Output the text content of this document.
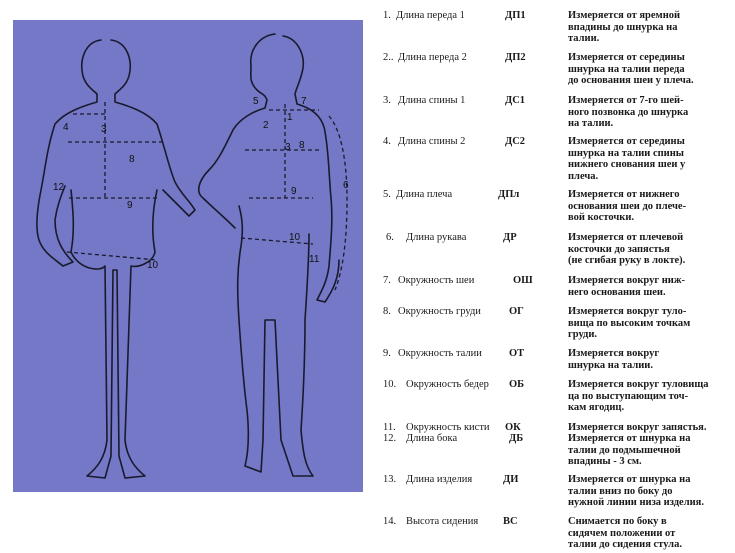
4	3
8
12
9
10
5	7
2
1
3 8
9
6
10
11
1. Длина переда 1	ДП1	Измеряется от яремной
впадины до шнурка на
талии.
2.. Длина переда 2	ДП2	Измеряется от середины
шнурка на талии переда
до основания шеи у плеча.
3. Длина спины 1	ДС1	Измеряется от 7-го шей-
ного позвонка до шнурка
на талии.
4. Длина спины 2	ДС2	Измеряется от середины
шнурка на талии спины
нижнего снования шеи у
плеча.
5. Длина плеча	ДПл	Измеряется от нижнего
основания шеи до плече-
вой косточки.
6. Длина рукава	ДР	Измеряется от плечевой
косточки до запястья
(не сгибая руку в локте).
7. Окружность шеи	ОШ	Измеряется вокруг ниж-
него основания шеи.
8. Окружность груди	ОГ	Измеряется вокруг туло-
вища по высоким точкам
груди.
9. Окружность талии	ОТ	Измеряется вокруг
шнурка на талии.
10. Окружность бедер ОБ	Измеряется вокруг туловища
ца по выступающим точ-
кам ягодиц.
11. Окружность кисти ОК	Измеряется вокруг запястья.
12. Длина бока	ДБ	Измеряется от шнурка на
талии до подмышечной
впадины - 3 см.
13. Длина изделия	ДИ	Измеряется от шнурка на
талии вниз по боку до
нужной линии низа изделия.
14. Высота сидения ВС	Снимается по боку в
сидячем положении от
талии до сидения стула.
